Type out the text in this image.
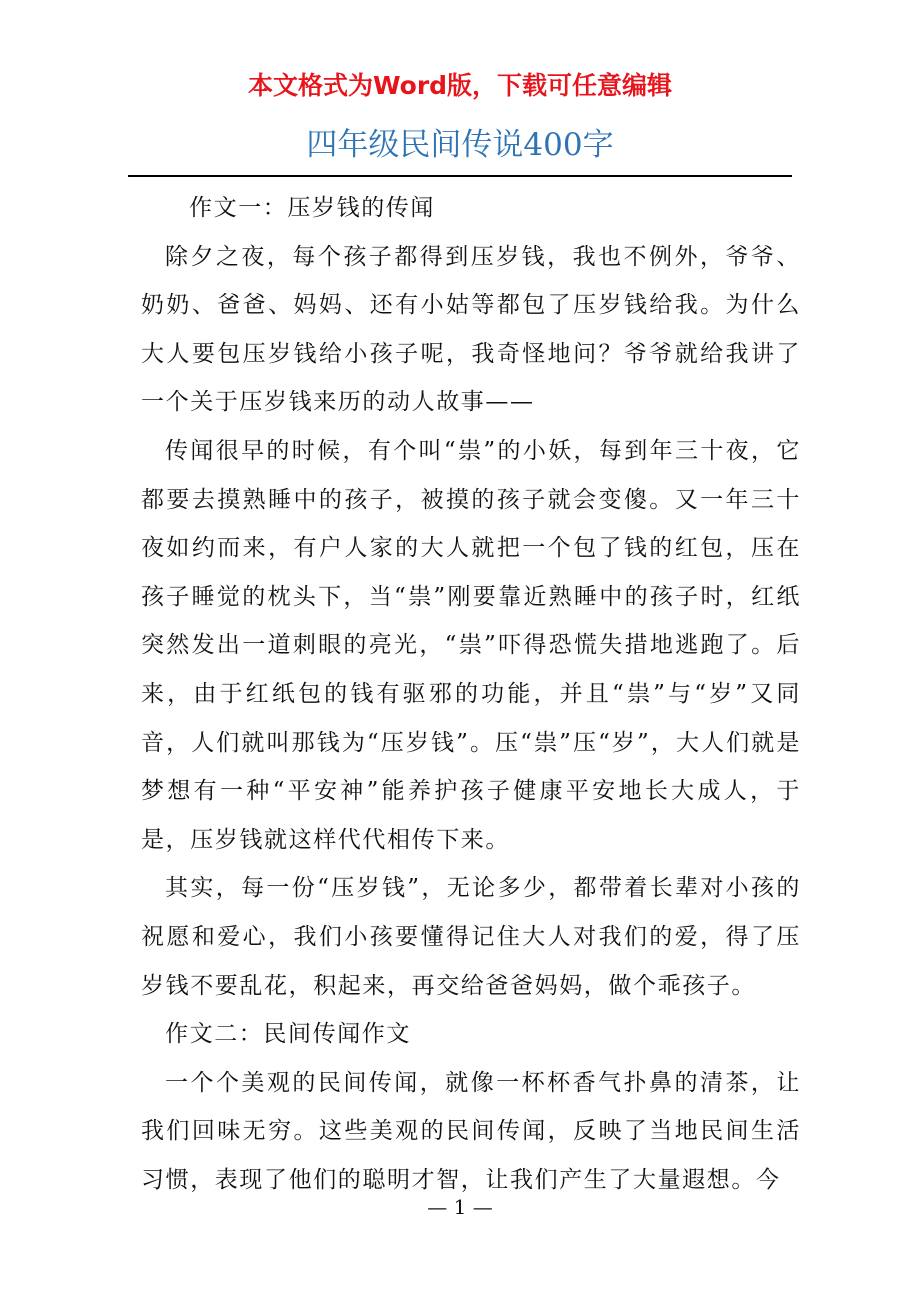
本文格式为Word版，下载可任意编辑
四年级民间传说400字

作文一：压岁钱的传闻

除夕之夜，每个孩子都得到压岁钱，我也不例外，爷爷、奶奶、爸爸、妈妈、还有小姑等都包了压岁钱给我。为什么大人要包压岁钱给小孩子呢，我奇怪地问？爷爷就给我讲了一个关于压岁钱来历的动人故事——

传闻很早的时候，有个叫“祟”的小妖，每到年三十夜，它都要去摸熟睡中的孩子，被摸的孩子就会变傻。又一年三十夜如约而来，有户人家的大人就把一个包了钱的红包，压在孩子睡觉的枕头下，当“祟”刚要靠近熟睡中的孩子时，红纸突然发出一道刺眼的亮光，“祟”吓得恐慌失措地逃跑了。后来，由于红纸包的钱有驱邪的功能，并且“祟”与“岁”又同音，人们就叫那钱为“压岁钱”。压“祟”压“岁”，大人们就是梦想有一种“平安神”能养护孩子健康平安地长大成人，于是，压岁钱就这样代代相传下来。

其实，每一份“压岁钱”，无论多少，都带着长辈对小孩的祝愿和爱心，我们小孩要懂得记住大人对我们的爱，得了压岁钱不要乱花，积起来，再交给爸爸妈妈，做个乖孩子。

作文二：民间传闻作文

一个个美观的民间传闻，就像一杯杯香气扑鼻的清茶，让我们回味无穷。这些美观的民间传闻，反映了当地民间生活习惯，表现了他们的聪明才智，让我们产生了大量遐想。今

— 1 —
